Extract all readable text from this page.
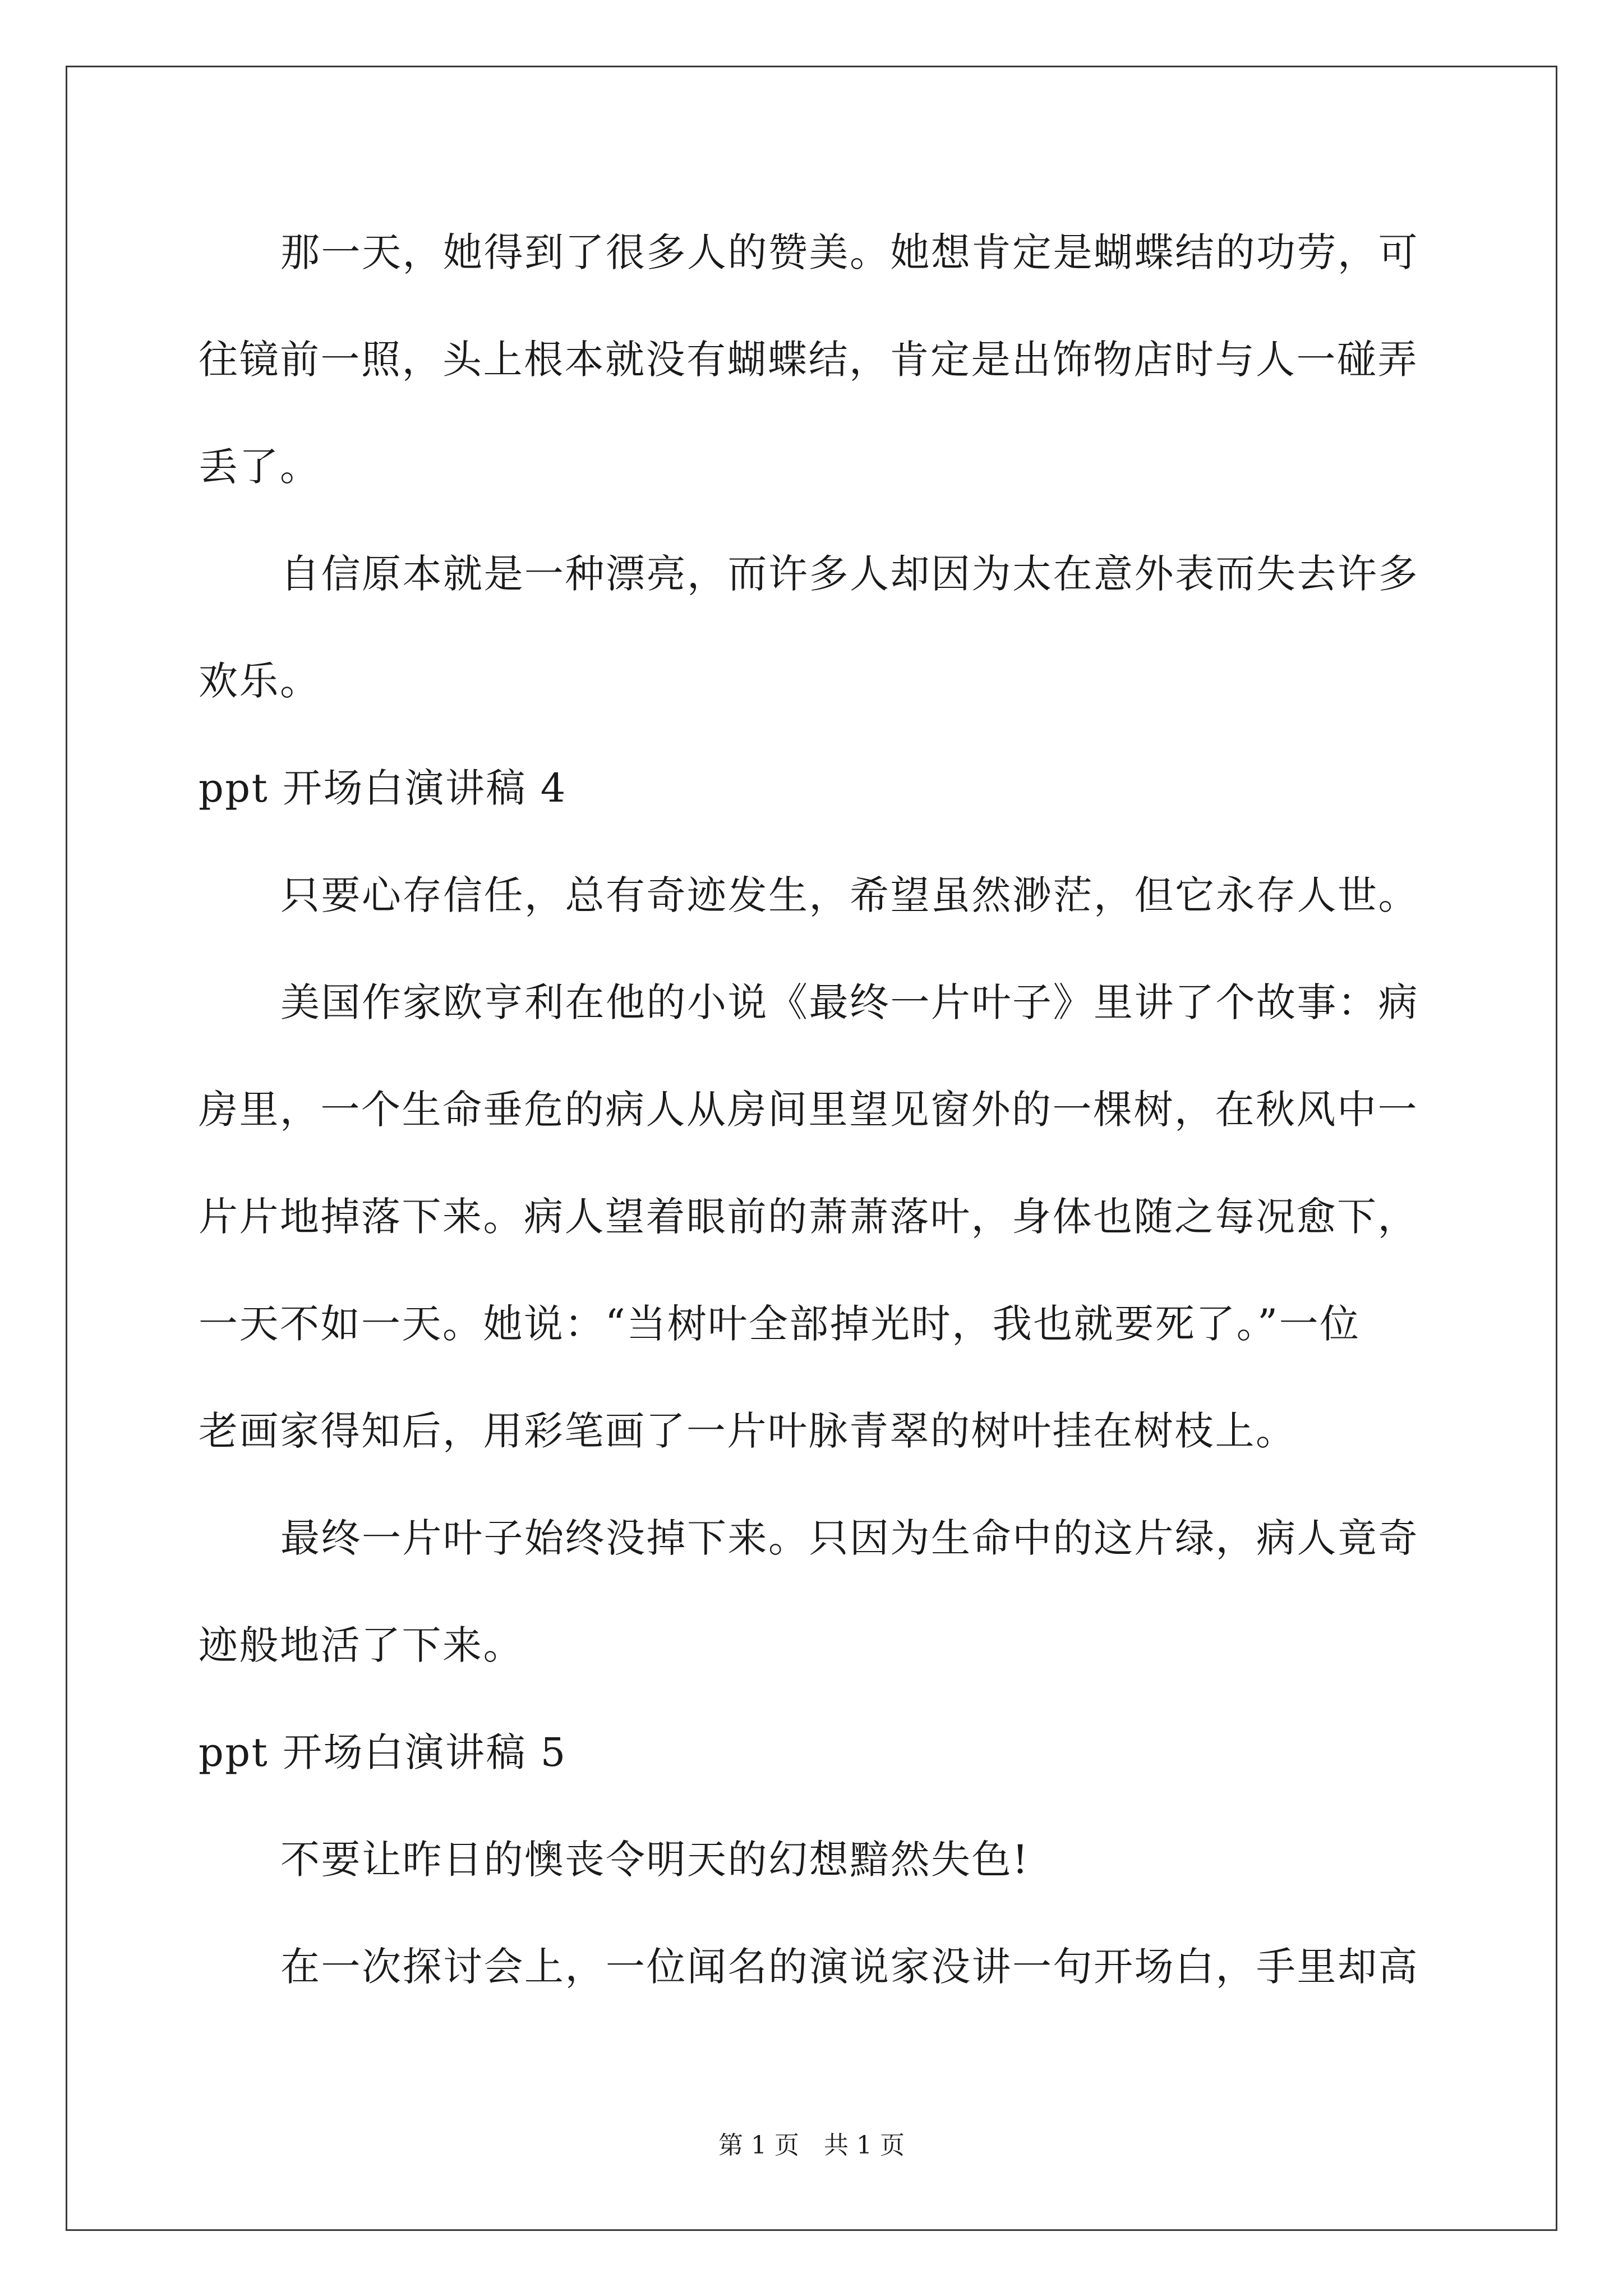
那一天，她得到了很多人的赞美。她想肯定是蝴蝶结的功劳，可
往镜前一照，头上根本就没有蝴蝶结，肯定是出饰物店时与人一碰弄
丢了。
自信原本就是一种漂亮，而许多人却因为太在意外表而失去许多
欢乐。
ppt 开场白演讲稿 4
只要心存信任，总有奇迹发生，希望虽然渺茫，但它永存人世。
美国作家欧亨利在他的小说《最终一片叶子》里讲了个故事：病
房里，一个生命垂危的病人从房间里望见窗外的一棵树，在秋风中一
片片地掉落下来。病人望着眼前的萧萧落叶，身体也随之每况愈下，
一天不如一天。她说：“当树叶全部掉光时，我也就要死了。”一位
老画家得知后，用彩笔画了一片叶脉青翠的树叶挂在树枝上。
最终一片叶子始终没掉下来。只因为生命中的这片绿，病人竟奇
迹般地活了下来。
ppt 开场白演讲稿 5
不要让昨日的懊丧令明天的幻想黯然失色!
在一次探讨会上，一位闻名的演说家没讲一句开场白，手里却高
第 1 页　共 1 页
